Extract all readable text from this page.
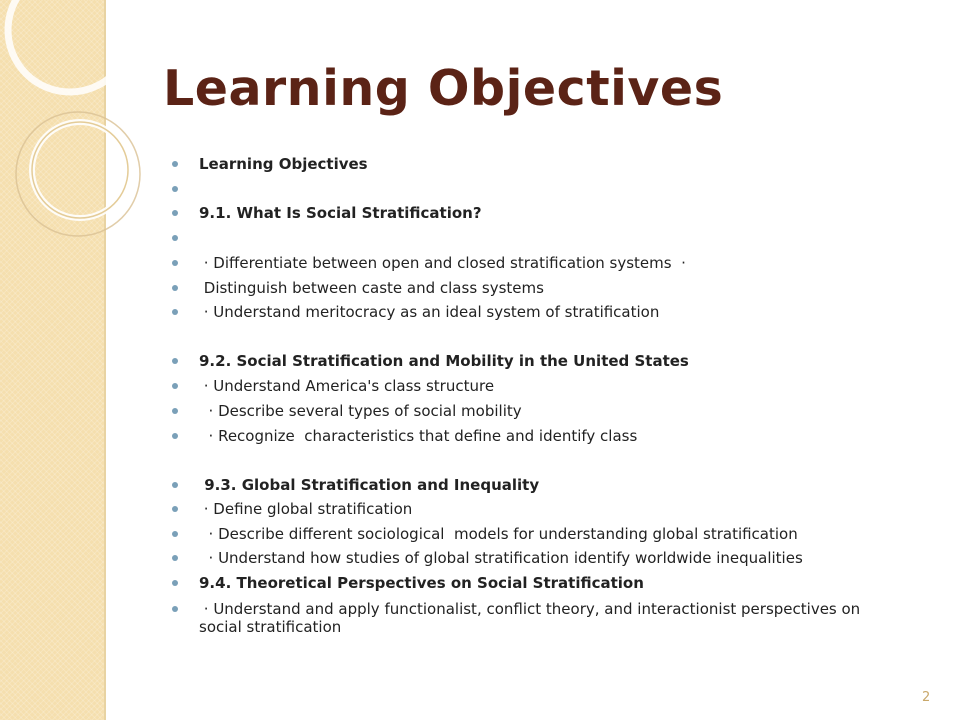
Learning Objectives
Learning Objectives
9.1. What Is Social Stratification?
· Differentiate between open and closed stratification systems  ·
Distinguish between caste and class systems
· Understand meritocracy as an ideal system of stratification
9.2. Social Stratification and Mobility in the United States
· Understand America's class structure
· Describe several types of social mobility
· Recognize  characteristics that define and identify class
9.3. Global Stratification and Inequality
· Define global stratification
· Describe different sociological  models for understanding global stratification
· Understand how studies of global stratification identify worldwide inequalities
9.4. Theoretical Perspectives on Social Stratification
· Understand and apply functionalist, conflict theory, and interactionist perspectives on social stratification
2
